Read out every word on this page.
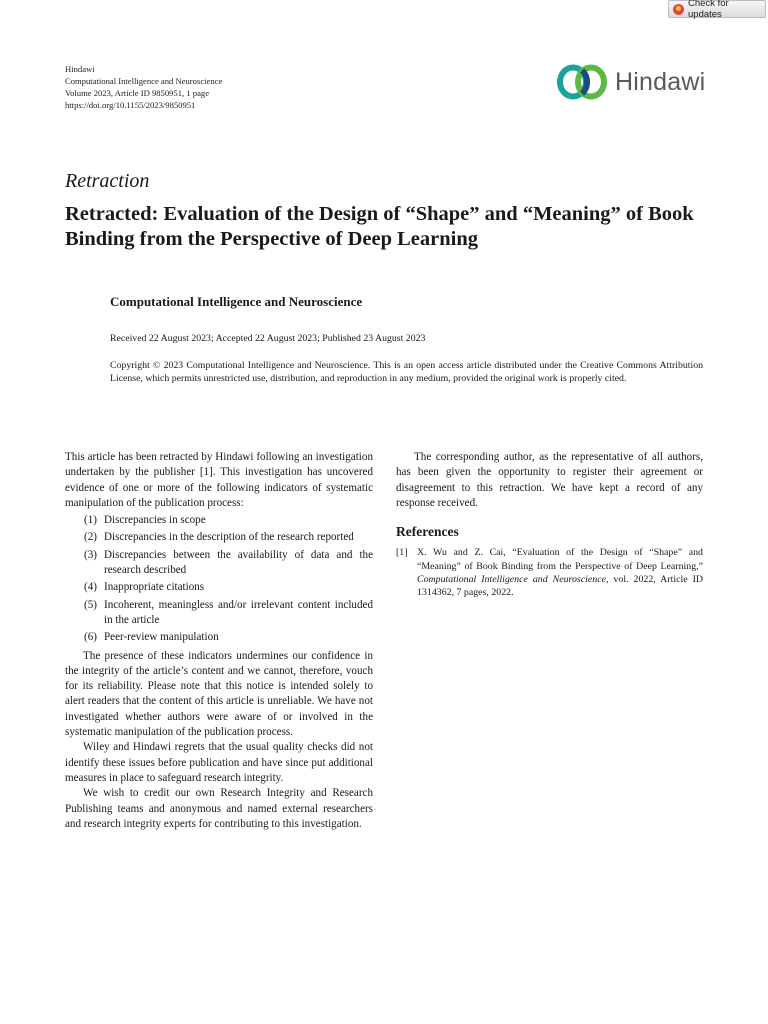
Check for updates
Hindawi
Computational Intelligence and Neuroscience
Volume 2023, Article ID 9850951, 1 page
https://doi.org/10.1155/2023/9850951
Hindawi
Retraction
Retracted: Evaluation of the Design of “Shape” and “Meaning” of Book Binding from the Perspective of Deep Learning
Computational Intelligence and Neuroscience
Received 22 August 2023; Accepted 22 August 2023; Published 23 August 2023
Copyright © 2023 Computational Intelligence and Neuroscience. This is an open access article distributed under the Creative Commons Attribution License, which permits unrestricted use, distribution, and reproduction in any medium, provided the original work is properly cited.

This article has been retracted by Hindawi following an investigation undertaken by the publisher [1]. This investigation has uncovered evidence of one or more of the following indicators of systematic manipulation of the publication process:

(1) Discrepancies in scope
(2) Discrepancies in the description of the research reported
(3) Discrepancies between the availability of data and the research described
(4) Inappropriate citations
(5) Incoherent, meaningless and/or irrelevant content included in the article
(6) Peer-review manipulation

The presence of these indicators undermines our confidence in the integrity of the article’s content and we cannot, therefore, vouch for its reliability. Please note that this notice is intended solely to alert readers that the content of this article is unreliable. We have not investigated whether authors were aware of or involved in the systematic manipulation of the publication process.

Wiley and Hindawi regrets that the usual quality checks did not identify these issues before publication and have since put additional measures in place to safeguard research integrity.

We wish to credit our own Research Integrity and Research Publishing teams and anonymous and named external researchers and research integrity experts for contributing to this investigation.

The corresponding author, as the representative of all authors, has been given the opportunity to register their agreement or disagreement to this retraction. We have kept a record of any response received.

References
[1] X. Wu and Z. Cai, “Evaluation of the Design of “Shape” and “Meaning” of Book Binding from the Perspective of Deep Learning,” Computational Intelligence and Neuroscience, vol. 2022, Article ID 1314362, 7 pages, 2022.
